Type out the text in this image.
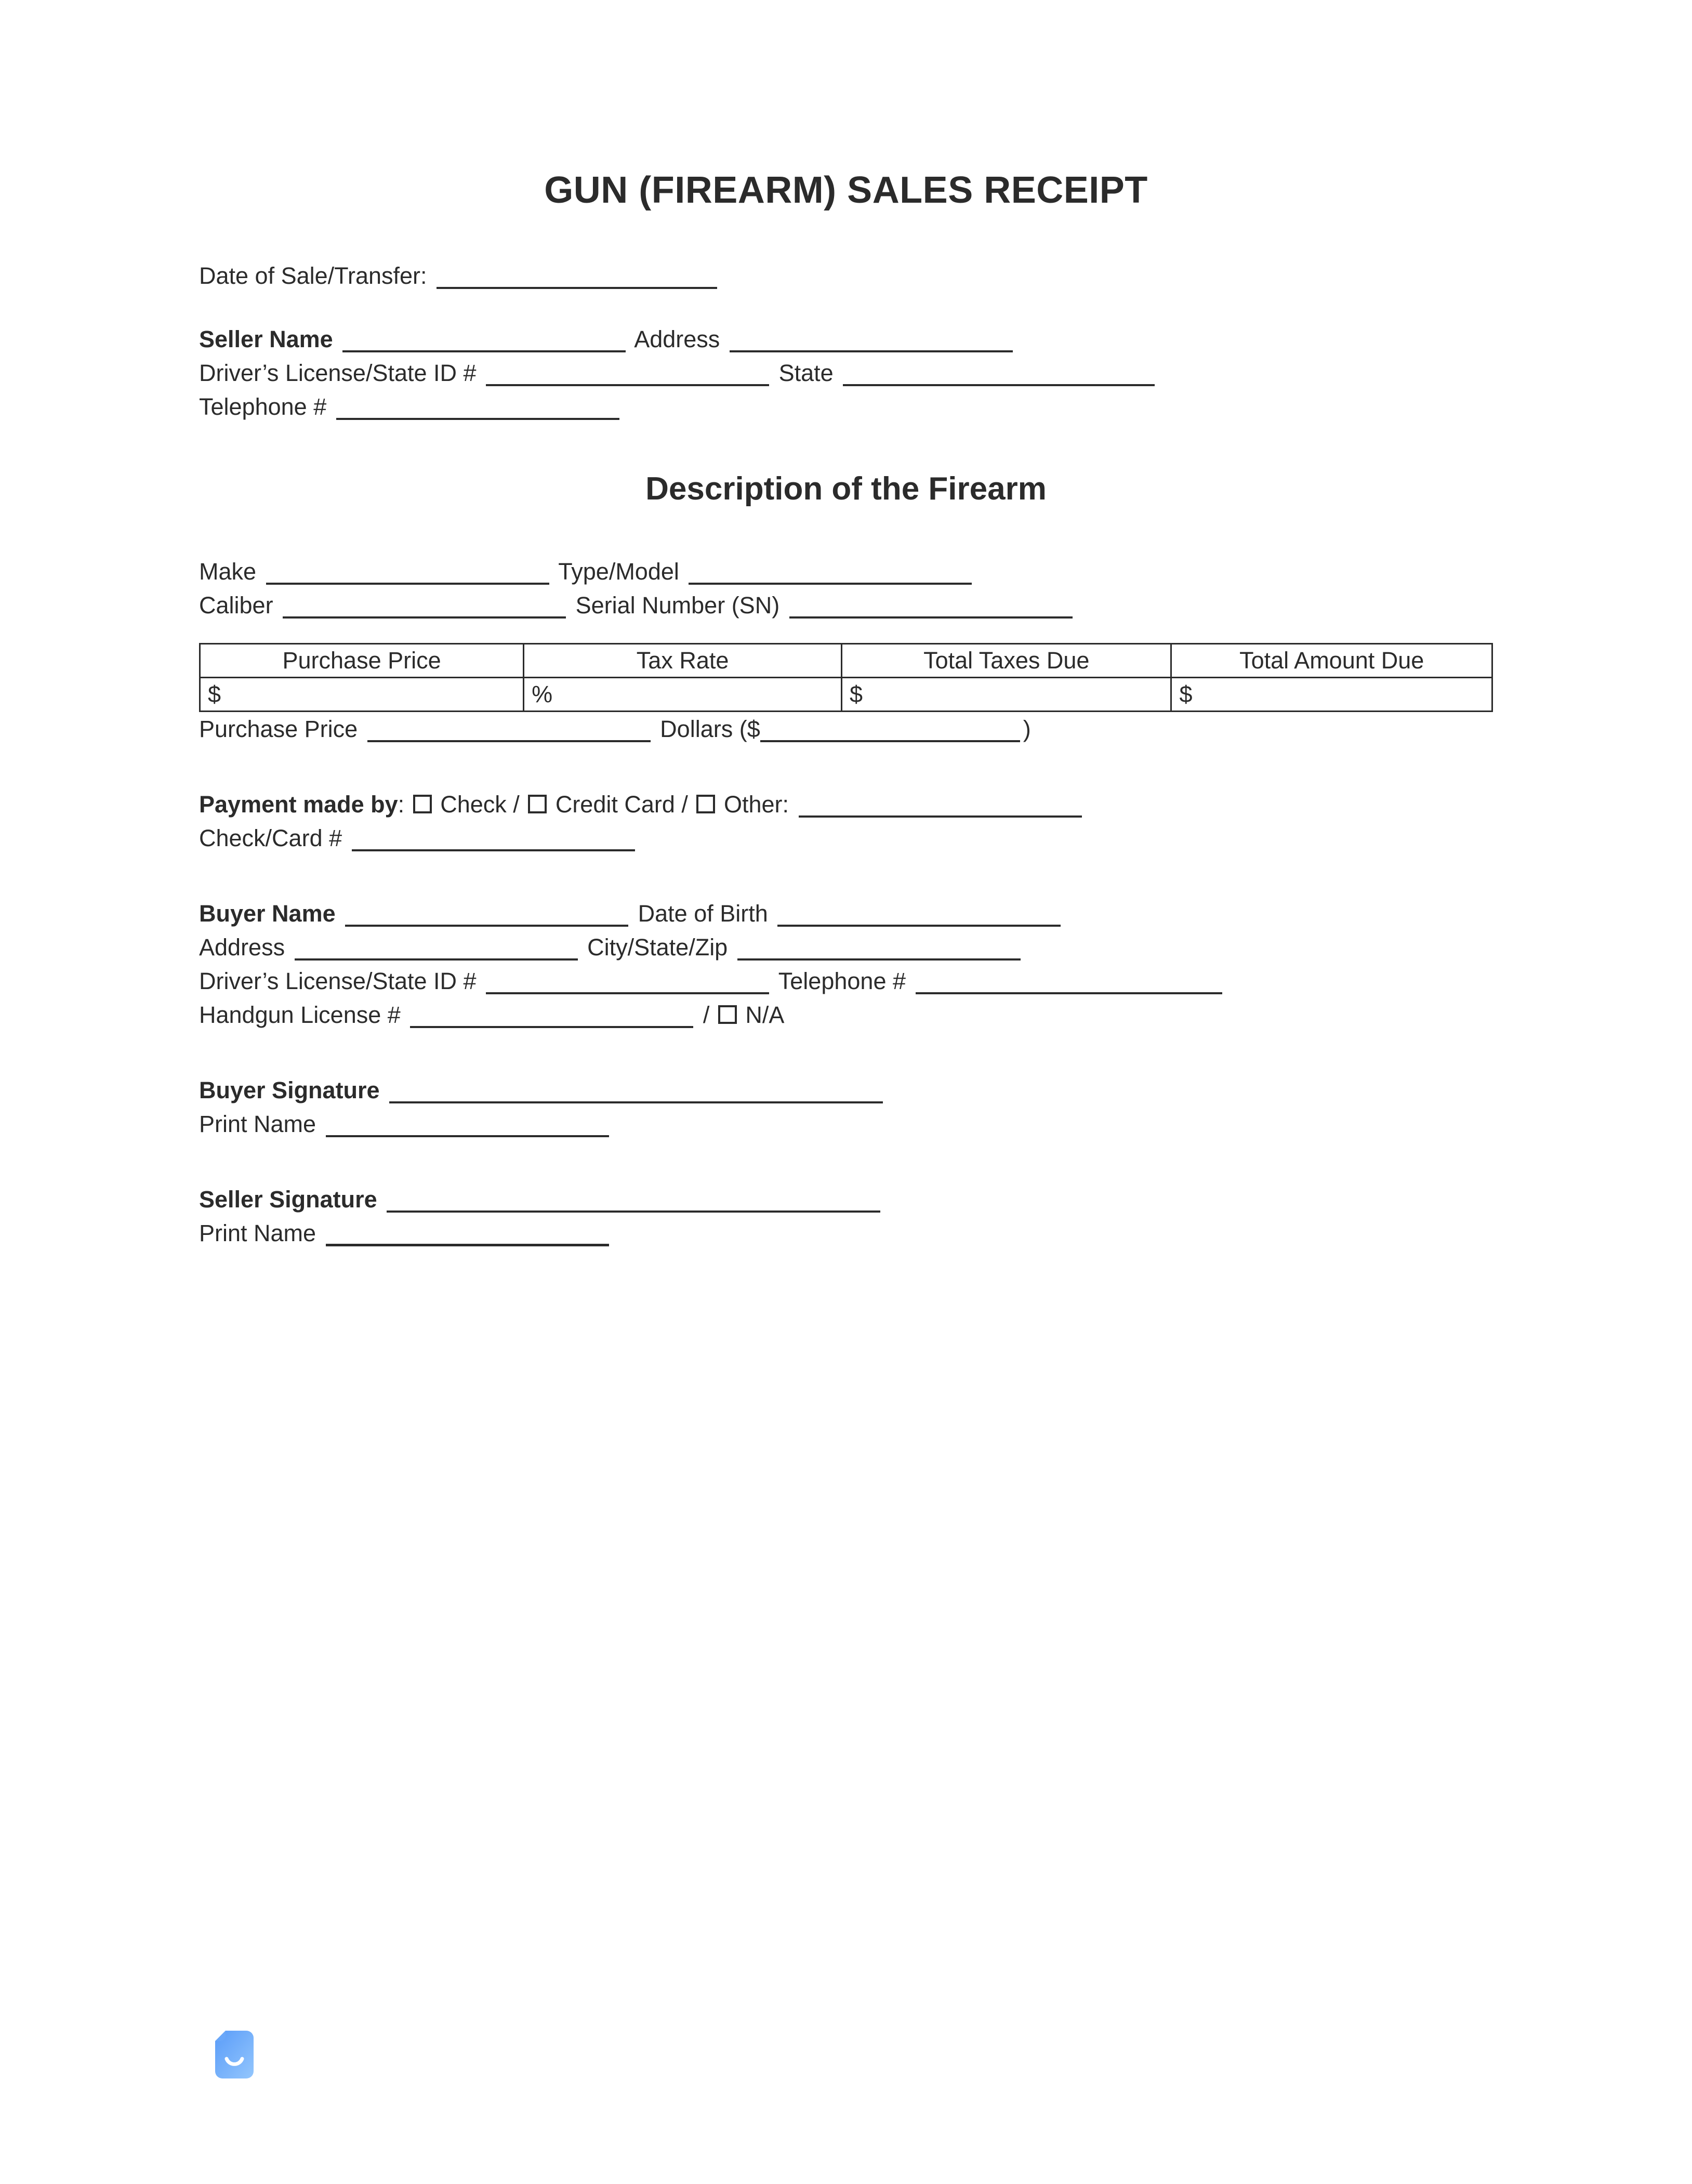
GUN (FIREARM) SALES RECEIPT
Date of Sale/Transfer:
Seller Name	Address
Driver’s License/State ID #	State
Telephone #
Description of the Firearm
Make	Type/Model
Caliber	Serial Number (SN)
Purchase Price	Tax Rate	Total Taxes Due	Total Amount Due
$	%	$	$
Purchase Price	Dollars ($	)
Payment made by: Check / Credit Card / Other:
Check/Card #
Buyer Name	Date of Birth
Address	City/State/Zip
Driver’s License/State ID #	Telephone #
Handgun License #	/ N/A
Buyer Signature
Print Name
Seller Signature
Print Name
